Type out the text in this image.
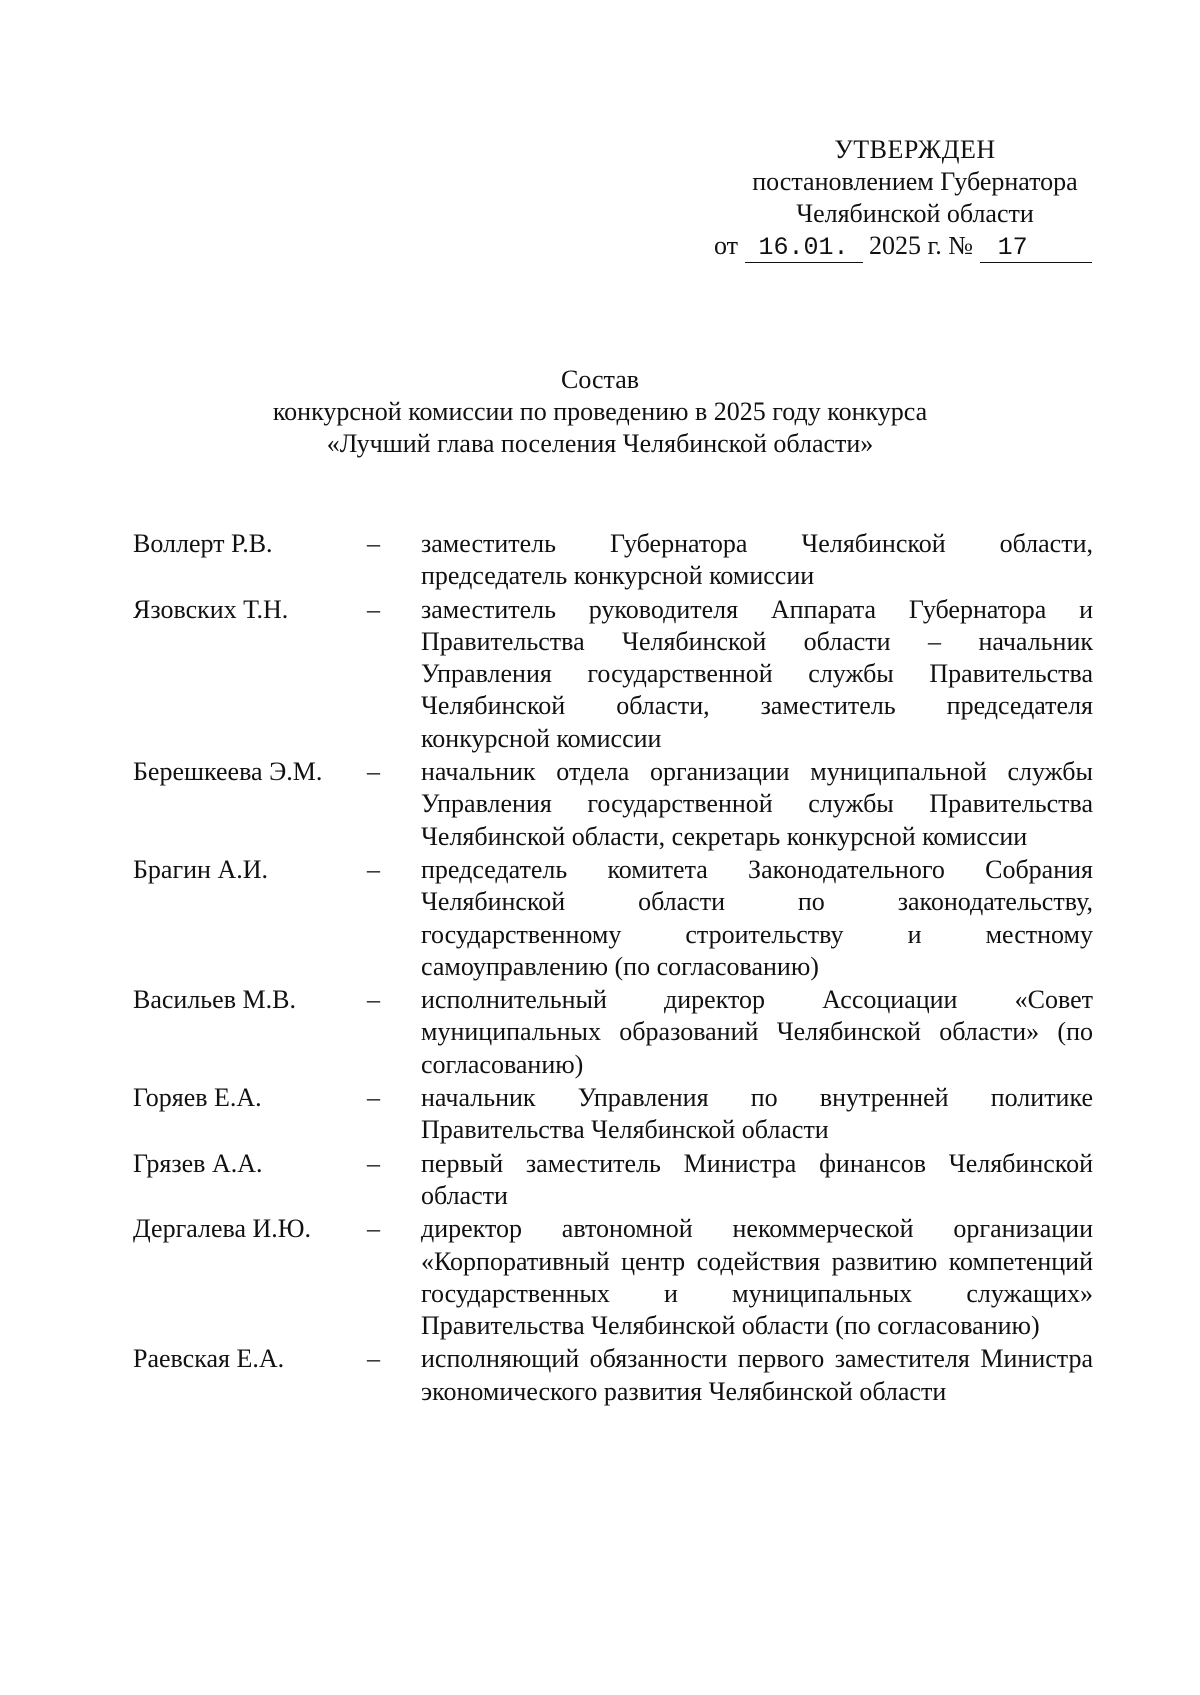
УТВЕРЖДЕН
постановлением Губернатора
Челябинской области
от 16.01. 2025 г. № 17
Состав
конкурсной комиссии по проведению в 2025 году конкурса
«Лучший глава поселения Челябинской области»
Воллерт Р.В.	–	заместитель Губернатора Челябинской области, председатель конкурсной комиссии
Язовских Т.Н.	–	заместитель руководителя Аппарата Губернатора и Правительства Челябинской области – начальник Управления государственной службы Правительства Челябинской области, заместитель председателя конкурсной комиссии
Берешкеева Э.М.	–	начальник отдела организации муниципальной службы Управления государственной службы Правительства Челябинской области, секретарь конкурсной комиссии
Брагин А.И.	–	председатель комитета Законодательного Собрания Челябинской области по законодательству, государственному строительству и местному самоуправлению (по согласованию)
Васильев М.В.	–	исполнительный директор Ассоциации «Совет муниципальных образований Челябинской области» (по согласованию)
Горяев Е.А.	–	начальник Управления по внутренней политике Правительства Челябинской области
Грязев А.А.	–	первый заместитель Министра финансов Челябинской области
Дергалева И.Ю.	–	директор автономной некоммерческой организации «Корпоративный центр содействия развитию компетенций государственных и муниципальных служащих» Правительства Челябинской области (по согласованию)
Раевская Е.А.	–	исполняющий обязанности первого заместителя Министра экономического развития Челябинской области
